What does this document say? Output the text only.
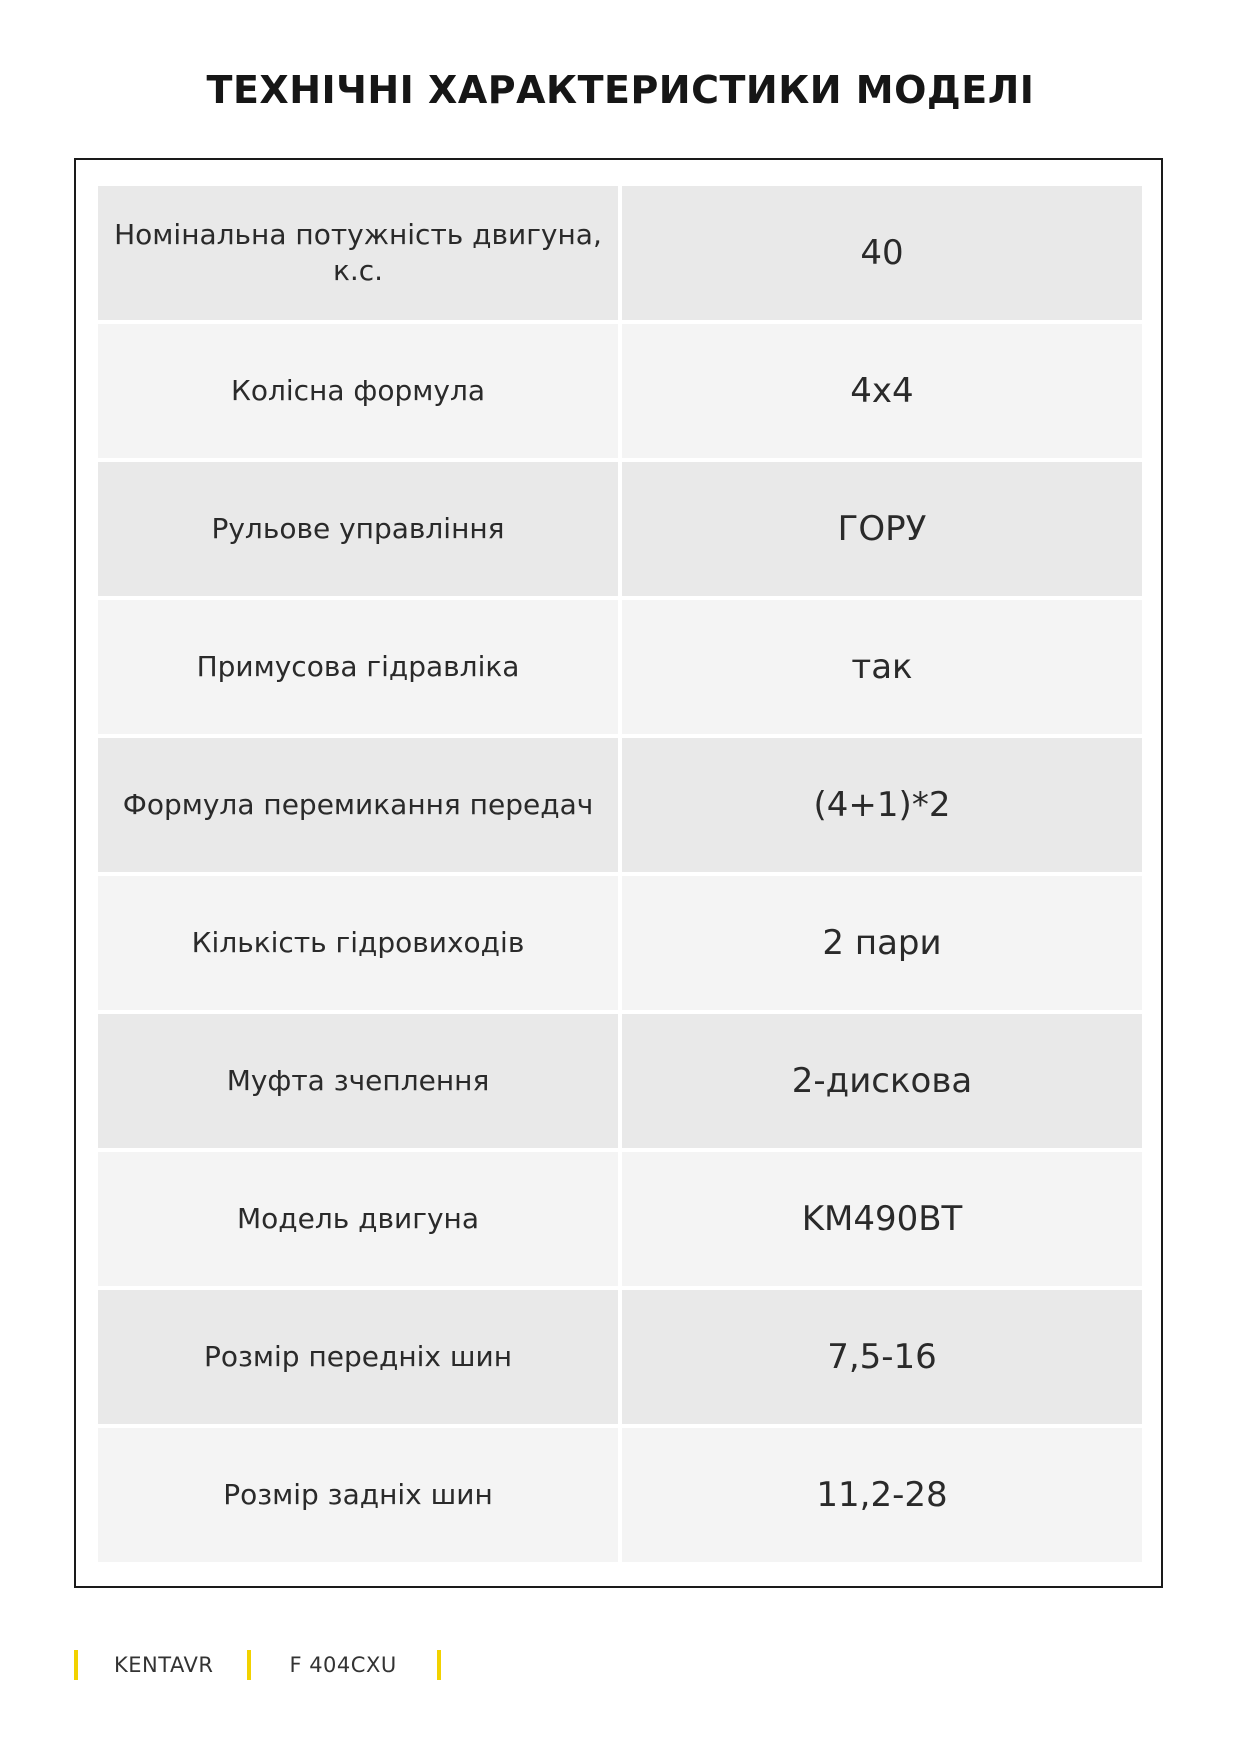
ТЕХНІЧНІ ХАРАКТЕРИСТИКИ МОДЕЛІ
Номінальна потужність двигуна, к.с.	40
Колісна формула	4х4
Рульове управління	ГОРУ
Примусова гідравліка	так
Формула перемикання передач	(4+1)*2
Кількість гідровиходів	2 пари
Муфта зчеплення	2-дискова
Модель двигуна	KM490BT
Розмір передніх шин	7,5-16
Розмір задніх шин	11,2-28
KENTAVR	F 404CXU
